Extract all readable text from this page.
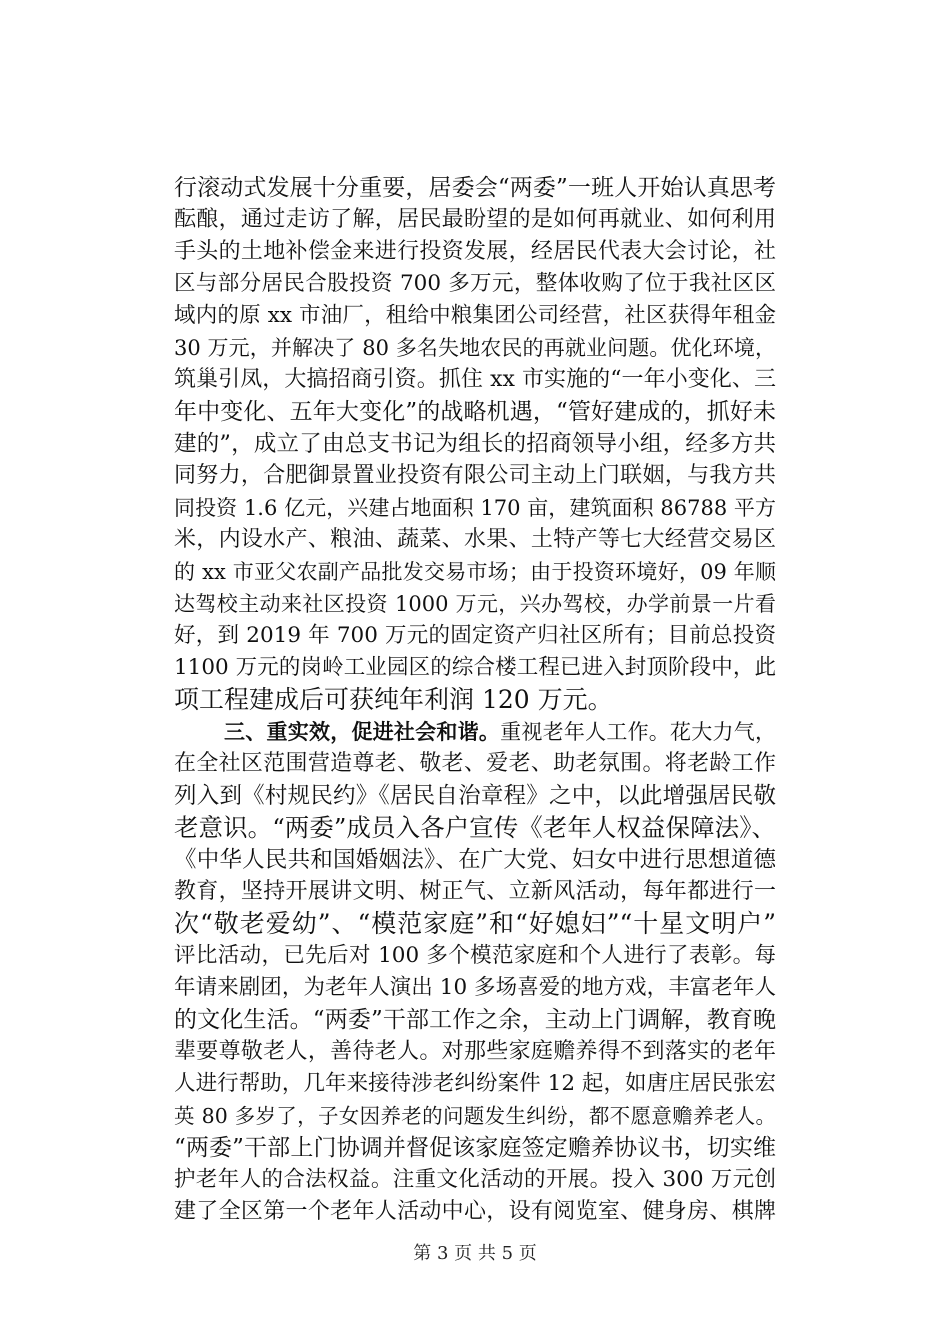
行滚动式发展十分重要，居委会“两委”一班人开始认真思考
酝酿，通过走访了解，居民最盼望的是如何再就业、如何利用
手头的土地补偿金来进行投资发展，经居民代表大会讨论，社
区与部分居民合股投资 700 多万元，整体收购了位于我社区区
域内的原 xx 市油厂，租给中粮集团公司经营，社区获得年租金
30 万元，并解决了 80 多名失地农民的再就业问题。优化环境，
筑巢引凤，大搞招商引资。抓住 xx 市实施的“一年小变化、三
年中变化、五年大变化”的战略机遇，“管好建成的，抓好未
建的”，成立了由总支书记为组长的招商领导小组，经多方共
同努力，合肥御景置业投资有限公司主动上门联姻，与我方共
同投资 1.6 亿元，兴建占地面积 170 亩，建筑面积 86788 平方
米，内设水产、粮油、蔬菜、水果、土特产等七大经营交易区
的 xx 市亚父农副产品批发交易市场；由于投资环境好，09 年顺
达驾校主动来社区投资 1000 万元，兴办驾校，办学前景一片看
好，到 2019 年 700 万元的固定资产归社区所有；目前总投资
1100 万元的岗岭工业园区的综合楼工程已进入封顶阶段中，此
项工程建成后可获纯年利润 120 万元。
三、重实效，促进社会和谐。重视老年人工作。花大力气，
在全社区范围营造尊老、敬老、爱老、助老氛围。将老龄工作
列入到《村规民约》《居民自治章程》之中，以此增强居民敬
老意识。“两委”成员入各户宣传《老年人权益保障法》、
《中华人民共和国婚姻法》、在广大党、妇女中进行思想道德
教育，坚持开展讲文明、树正气、立新风活动，每年都进行一
次“敬老爱幼”、“模范家庭”和“好媳妇”“十星文明户”
评比活动，已先后对 100 多个模范家庭和个人进行了表彰。每
年请来剧团，为老年人演出 10 多场喜爱的地方戏，丰富老年人
的文化生活。“两委”干部工作之余，主动上门调解，教育晚
辈要尊敬老人，善待老人。对那些家庭赡养得不到落实的老年
人进行帮助，几年来接待涉老纠纷案件 12 起，如唐庄居民张宏
英 80 多岁了，子女因养老的问题发生纠纷，都不愿意赡养老人。
“两委”干部上门协调并督促该家庭签定赡养协议书，切实维
护老年人的合法权益。注重文化活动的开展。投入 300 万元创
建了全区第一个老年人活动中心，设有阅览室、健身房、棋牌
第 3 页 共 5 页
